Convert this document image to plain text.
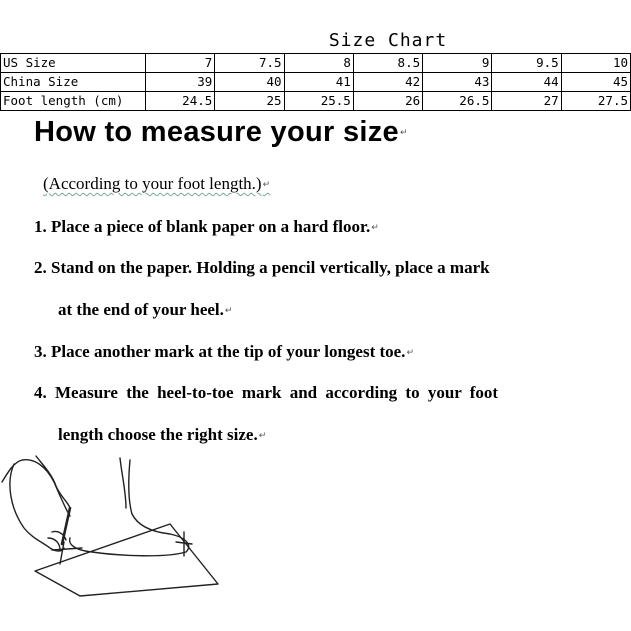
	Size Chart						
US Size	7	7.5	8	8.5	9	9.5	10
China Size	39	40	41	42	43	44	45
Foot length (cm)	24.5	25	25.5	26	26.5	27	27.5
How to measure your size↵
(According to your foot length.)↵
1. Place a piece of blank paper on a hard floor.↵
2. Stand on the paper. Holding a pencil vertically, place a mark
at the end of your heel.↵
3. Place another mark at the tip of your longest toe.↵
4. Measure the heel-to-toe mark and according to your foot
length choose the right size.↵
